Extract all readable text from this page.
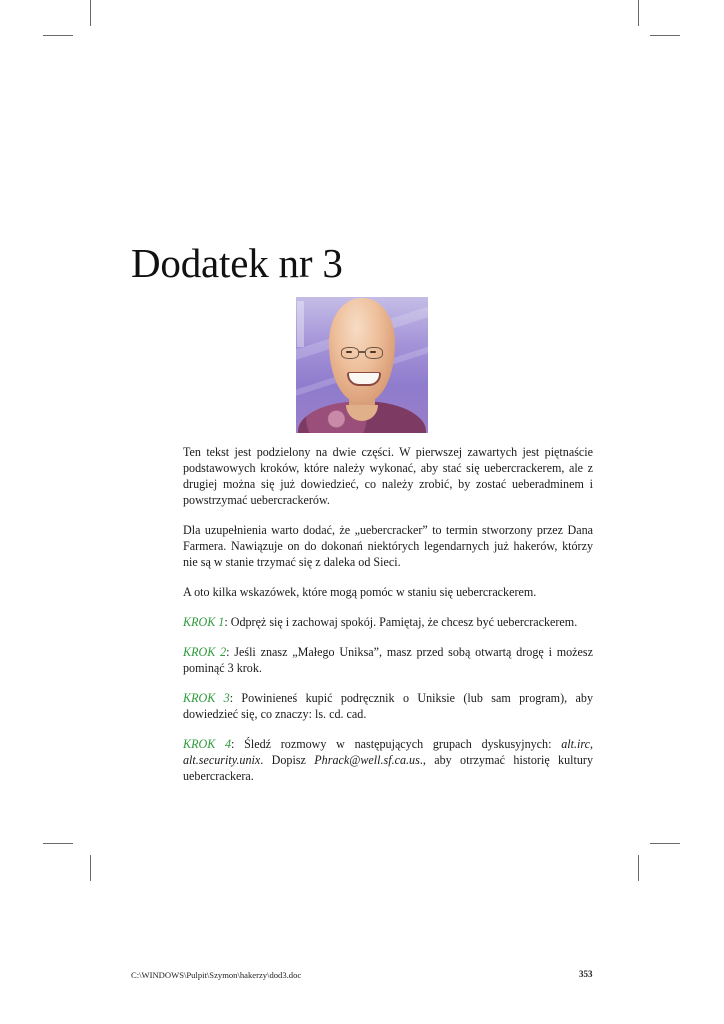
Dodatek nr 3

Ten tekst jest podzielony na dwie części. W pierwszej zawartych jest piętnaście podstawowych kroków, które należy wykonać, aby stać się uebercrackerem, ale z drugiej można się już dowiedzieć, co należy zrobić, by zostać ueberadminem i powstrzymać uebercrackerów.

Dla uzupełnienia warto dodać, że „uebercracker” to termin stworzony przez Dana Farmera. Nawiązuje on do dokonań niektórych legendarnych już hakerów, którzy nie są w stanie trzymać się z daleka od Sieci.

A oto kilka wskazówek, które mogą pomóc w staniu się uebercrackerem.

KROK 1: Odpręż się i zachowaj spokój. Pamiętaj, że chcesz być uebercrackerem.

KROK 2: Jeśli znasz „Małego Uniksa”, masz przed sobą otwartą drogę i możesz pominąć 3 krok.

KROK 3: Powinieneś kupić podręcznik o Uniksie (lub sam program), aby dowiedzieć się, co znaczy: ls. cd. cad.

KROK 4: Śledź rozmowy w następujących grupach dyskusyjnych: alt.irc, alt.security.unix. Dopisz Phrack@well.sf.ca.us., aby otrzymać historię kultury uebercrackera.

C:\WINDOWS\Pulpit\Szymon\hakerzy\dod3.doc	353
